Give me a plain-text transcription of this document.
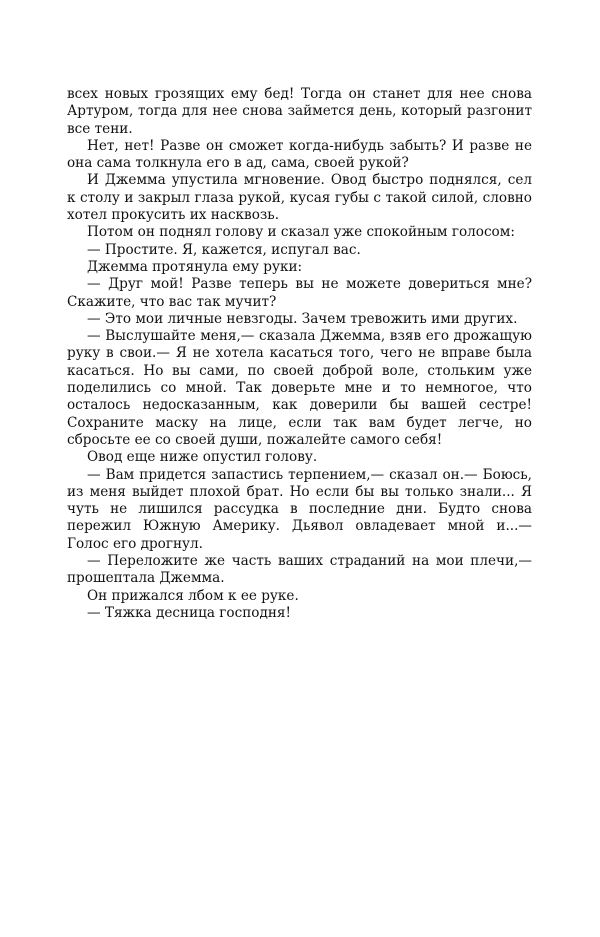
всех новых грозящих ему бед! Тогда он станет для нее снова Артуром, тогда для нее снова займется день, который разгонит все тени.

Нет, нет! Разве он сможет когда-нибудь забыть? И разве не она сама толкнула его в ад, сама, своей рукой?

И Джемма упустила мгновение. Овод быстро поднялся, сел к столу и закрыл глаза рукой, кусая губы с такой силой, словно хотел прокусить их насквозь.

Потом он поднял голову и сказал уже спокойным голосом:

— Простите. Я, кажется, испугал вас.

Джемма протянула ему руки:

— Друг мой! Разве теперь вы не можете довериться мне? Скажите, что вас так мучит?

— Это мои личные невзгоды. Зачем тревожить ими других.

— Выслушайте меня,— сказала Джемма, взяв его дрожащую руку в свои.— Я не хотела касаться того, чего не вправе была касаться. Но вы сами, по своей доброй воле, стольким уже поделились со мной. Так доверьте мне и то немногое, что осталось недосказанным, как доверили бы вашей сестре! Сохраните маску на лице, если так вам будет легче, но сбросьте ее со своей души, пожалейте самого себя!

Овод еще ниже опустил голову.

— Вам придется запастись терпением,— сказал он.— Боюсь, из меня выйдет плохой брат. Но если бы вы только знали... Я чуть не лишился рассудка в последние дни. Будто снова пережил Южную Америку. Дьявол овладевает мной и...— Голос его дрогнул.

— Переложите же часть ваших страданий на мои плечи,— прошептала Джемма.

Он прижался лбом к ее руке.

— Тяжка десница господня!
